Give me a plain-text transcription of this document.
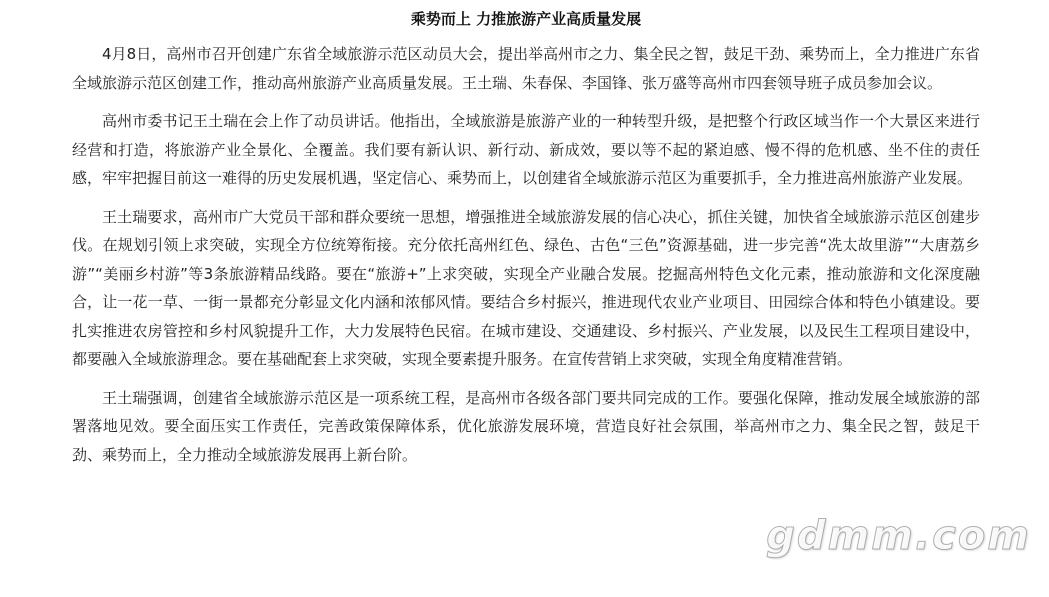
乘势而上 力推旅游产业高质量发展

4月8日，高州市召开创建广东省全域旅游示范区动员大会，提出举高州市之力、集全民之智，鼓足干劲、乘势而上，全力推进广东省全域旅游示范区创建工作，推动高州旅游产业高质量发展。王土瑞、朱春保、李国锋、张万盛等高州市四套领导班子成员参加会议。

高州市委书记王土瑞在会上作了动员讲话。他指出，全域旅游是旅游产业的一种转型升级，是把整个行政区域当作一个大景区来进行经营和打造，将旅游产业全景化、全覆盖。我们要有新认识、新行动、新成效，要以等不起的紧迫感、慢不得的危机感、坐不住的责任感，牢牢把握目前这一难得的历史发展机遇，坚定信心、乘势而上，以创建省全域旅游示范区为重要抓手，全力推进高州旅游产业发展。

王土瑞要求，高州市广大党员干部和群众要统一思想，增强推进全域旅游发展的信心决心，抓住关键，加快省全域旅游示范区创建步伐。在规划引领上求突破，实现全方位统筹衔接。充分依托高州红色、绿色、古色“三色”资源基础，进一步完善“冼太故里游”“大唐荔乡游”“美丽乡村游”等3条旅游精品线路。要在“旅游+”上求突破，实现全产业融合发展。挖掘高州特色文化元素，推动旅游和文化深度融合，让一花一草、一街一景都充分彰显文化内涵和浓郁风情。要结合乡村振兴，推进现代农业产业项目、田园综合体和特色小镇建设。要扎实推进农房管控和乡村风貌提升工作，大力发展特色民宿。在城市建设、交通建设、乡村振兴、产业发展，以及民生工程项目建设中，都要融入全域旅游理念。要在基础配套上求突破，实现全要素提升服务。在宣传营销上求突破，实现全角度精准营销。

王土瑞强调，创建省全域旅游示范区是一项系统工程，是高州市各级各部门要共同完成的工作。要强化保障，推动发展全域旅游的部署落地见效。要全面压实工作责任，完善政策保障体系，优化旅游发展环境，营造良好社会氛围，举高州市之力、集全民之智，鼓足干劲、乘势而上，全力推动全域旅游发展再上新台阶。

gdmm.com
